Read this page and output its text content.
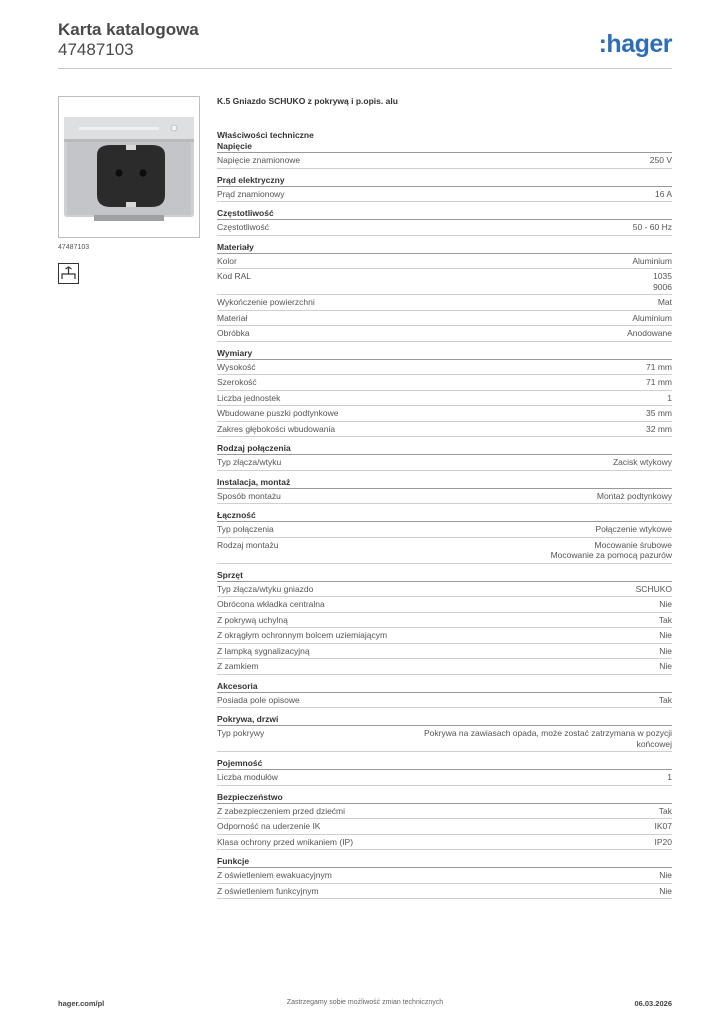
Karta katalogowa
47487103	:hager
47487103
K.5 Gniazdo SCHUKO z pokrywą i p.opis. alu
Właściwości techniczne
Napięcie
Napięcie znamionowe	250 V
Prąd elektryczny
Prąd znamionowy	16 A
Częstotliwość
Częstotliwość	50 - 60 Hz
Materiały
Kolor	Aluminium
Kod RAL	1035
9006
Wykończenie powierzchni	Mat
Materiał	Aluminium
Obróbka	Anodowane
Wymiary
Wysokość	71 mm
Szerokość	71 mm
Liczba jednostek	1
Wbudowane puszki podtynkowe	35 mm
Zakres głębokości wbudowania	32 mm
Rodzaj połączenia
Typ złącza/wtyku	Zacisk wtykowy
Instalacja, montaż
Sposób montażu	Montaż podtynkowy
Łączność
Typ połączenia	Połączenie wtykowe
Rodzaj montażu	Mocowanie śrubowe
Mocowanie za pomocą pazurów
Sprzęt
Typ złącza/wtyku gniazdo	SCHUKO
Obrócona wkładka centralna	Nie
Z pokrywą uchylną	Tak
Z okrągłym ochronnym bolcem uziemiającym	Nie
Z lampką sygnalizacyjną	Nie
Z zamkiem	Nie
Akcesoria
Posiada pole opisowe	Tak
Pokrywa, drzwi
Typ pokrywy	Pokrywa na zawiasach opada, może zostać zatrzymana w pozycji końcowej
Pojemność
Liczba modułów	1
Bezpieczeństwo
Z zabezpieczeniem przed dziećmi	Tak
Odporność na uderzenie IK	IK07
Klasa ochrony przed wnikaniem (IP)	IP20
Funkcje
Z oświetleniem ewakuacyjnym	Nie
Z oświetleniem funkcyjnym	Nie
hager.com/pl	Zastrzegamy sobie możliwość zmian technicznych	06.03.2026
